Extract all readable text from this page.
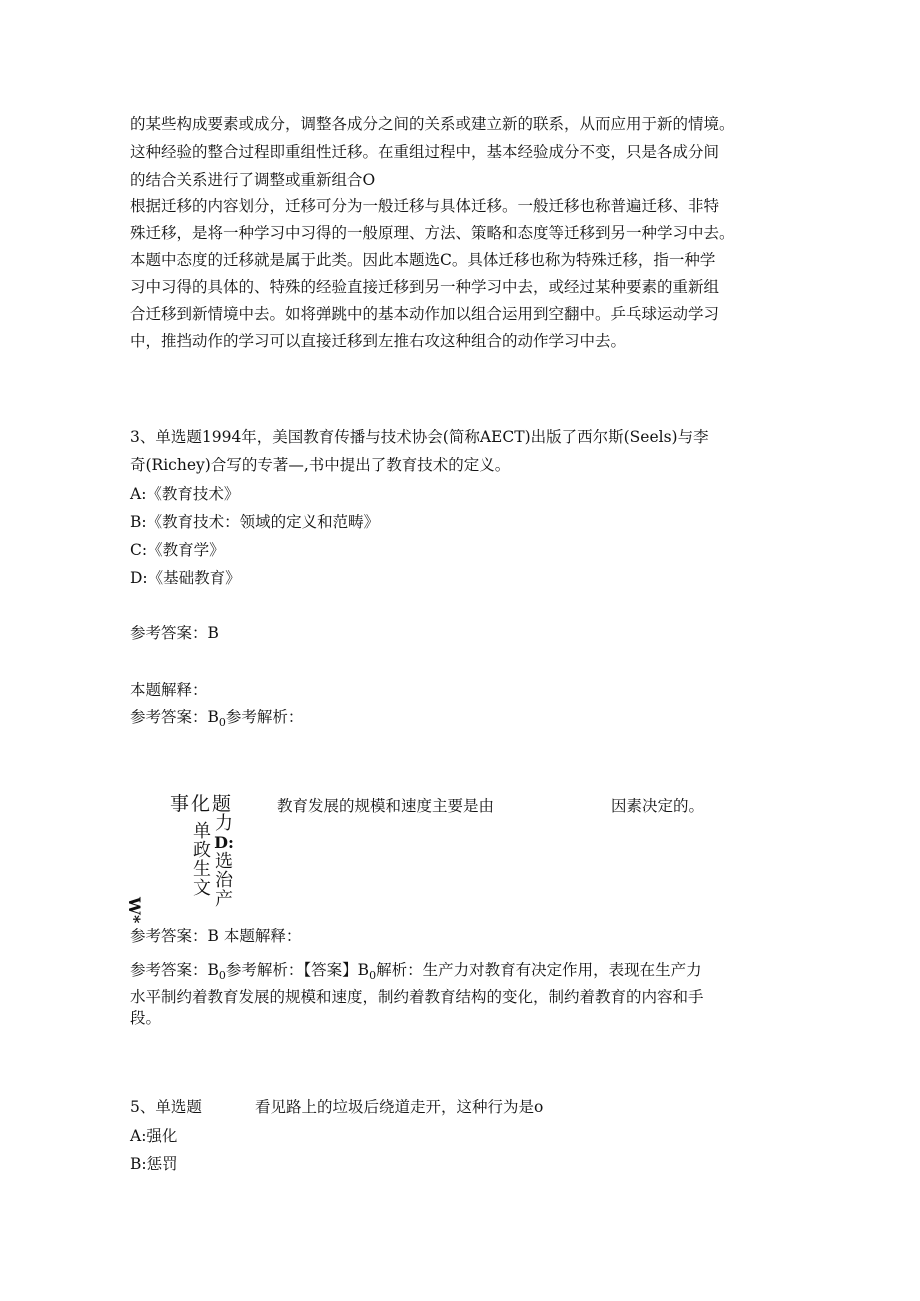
的某些构成要素或成分，调整各成分之间的关系或建立新的联系，从而应用于新的情境。

这种经验的整合过程即重组性迁移。在重组过程中，基本经验成分不变，只是各成分间

的结合关系进行了调整或重新组合O

根据迁移的内容划分，迁移可分为一般迁移与具体迁移。一般迁移也称普遍迁移、非特

殊迁移，是将一种学习中习得的一般原理、方法、策略和态度等迁移到另一种学习中去。

本题中态度的迁移就是属于此类。因此本题选C。具体迁移也称为特殊迁移，指一种学

习中习得的具体的、特殊的经验直接迁移到另一种学习中去，或经过某种要素的重新组

合迁移到新情境中去。如将弹跳中的基本动作加以组合运用到空翻中。乒乓球运动学习

中，推挡动作的学习可以直接迁移到左推右攻这种组合的动作学习中去。

3、单选题1994年，美国教育传播与技术协会(简称AECT)出版了西尔斯(Seels)与李

奇(Richey)合写的专著—,书中提出了教育技术的定义。

A:《教育技术》

B:《教育技术：领域的定义和范畴》

C:《教育学》

D:《基础教育》

参考答案：B

本题解释：

参考答案：$B_0$参考解析：

事化题	教育发展的规模和速度主要是由	因素决定的。
单
政
生
文
力
D:
选
治
产
W*

参考答案：B 本题解释：

参考答案：$B_0$参考解析：【答案】$B_0$解析：生产力对教育有决定作用，表现在生产力

水平制约着教育发展的规模和速度，制约着教育结构的变化，制约着教育的内容和手

段。

5、单选题	看见路上的垃圾后绕道走开，这种行为是o

A:强化

B:惩罚
